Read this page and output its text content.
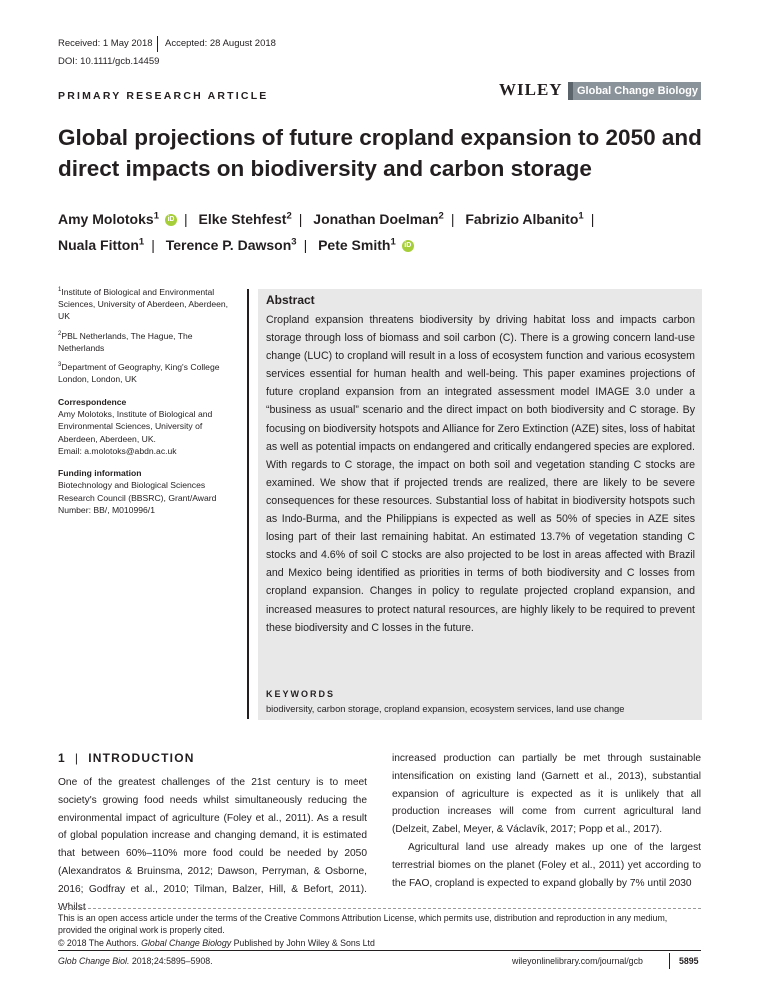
Received: 1 May 2018 Accepted: 28 August 2018
DOI: 10.1111/gcb.14459
PRIMARY RESEARCH ARTICLE	WILEY Global Change Biology
Global projections of future cropland expansion to 2050 and direct impacts on biodiversity and carbon storage
Amy Molotoks$^1$ iD | Elke Stehfest$^2$ | Jonathan Doelman$^2$ | Fabrizio Albanito$^1$ |
Nuala Fitton$^1$ | Terence P. Dawson$^3$ | Pete Smith$^1$ iD
$^1$Institute of Biological and Environmental Sciences, University of Aberdeen, Aberdeen, UK
$^2$PBL Netherlands, The Hague, The Netherlands
$^3$Department of Geography, King's College London, London, UK
Correspondence
Amy Molotoks, Institute of Biological and Environmental Sciences, University of Aberdeen, Aberdeen, UK.
Email: a.molotoks@abdn.ac.uk
Funding information
Biotechnology and Biological Sciences Research Council (BBSRC), Grant/Award Number: BB/, M010996/1
Abstract
Cropland expansion threatens biodiversity by driving habitat loss and impacts carbon storage through loss of biomass and soil carbon (C). There is a growing concern land-use change (LUC) to cropland will result in a loss of ecosystem function and various ecosystem services essential for human health and well-being. This paper examines projections of future cropland expansion from an integrated assessment model IMAGE 3.0 under a “business as usual” scenario and the direct impact on both biodiversity and C storage. By focusing on biodiversity hotspots and Alliance for Zero Extinction (AZE) sites, loss of habitat as well as potential impacts on endangered and critically endangered species are explored. With regards to C storage, the impact on both soil and vegetation standing C stocks are examined. We show that if projected trends are realized, there are likely to be severe consequences for these resources. Substantial loss of habitat in biodiversity hotspots such as Indo-Burma, and the Philippians is expected as well as 50% of species in AZE sites losing part of their last remaining habitat. An estimated 13.7% of vegetation standing C stocks and 4.6% of soil C stocks are also projected to be lost in areas affected with Brazil and Mexico being identified as priorities in terms of both biodiversity and C losses from cropland expansion. Changes in policy to regulate projected cropland expansion, and increased measures to protect natural resources, are highly likely to be required to prevent these biodiversity and C losses in the future.
KEYWORDS
biodiversity, carbon storage, cropland expansion, ecosystem services, land use change
1 | INTRODUCTION
One of the greatest challenges of the 21st century is to meet society's growing food needs whilst simultaneously reducing the environmental impact of agriculture (Foley et al., 2011). As a result of global population increase and changing demand, it is estimated that between 60%–110% more food could be needed by 2050 (Alexandratos & Bruinsma, 2012; Dawson, Perryman, & Osborne, 2016; Godfray et al., 2010; Tilman, Balzer, Hill, & Befort, 2011). Whilst
increased production can partially be met through sustainable intensification on existing land (Garnett et al., 2013), substantial expansion of agriculture is expected as it is unlikely that all production increases will come from current agricultural land (Delzeit, Zabel, Meyer, & Václavík, 2017; Popp et al., 2017).
Agricultural land use already makes up one of the largest terrestrial biomes on the planet (Foley et al., 2011) yet according to the FAO, cropland is expected to expand globally by 7% until 2030
This is an open access article under the terms of the Creative Commons Attribution License, which permits use, distribution and reproduction in any medium, provided the original work is properly cited.
© 2018 The Authors. Global Change Biology Published by John Wiley & Sons Ltd
Glob Change Biol. 2018;24:5895–5908.	wileyonlinelibrary.com/journal/gcb	5895
